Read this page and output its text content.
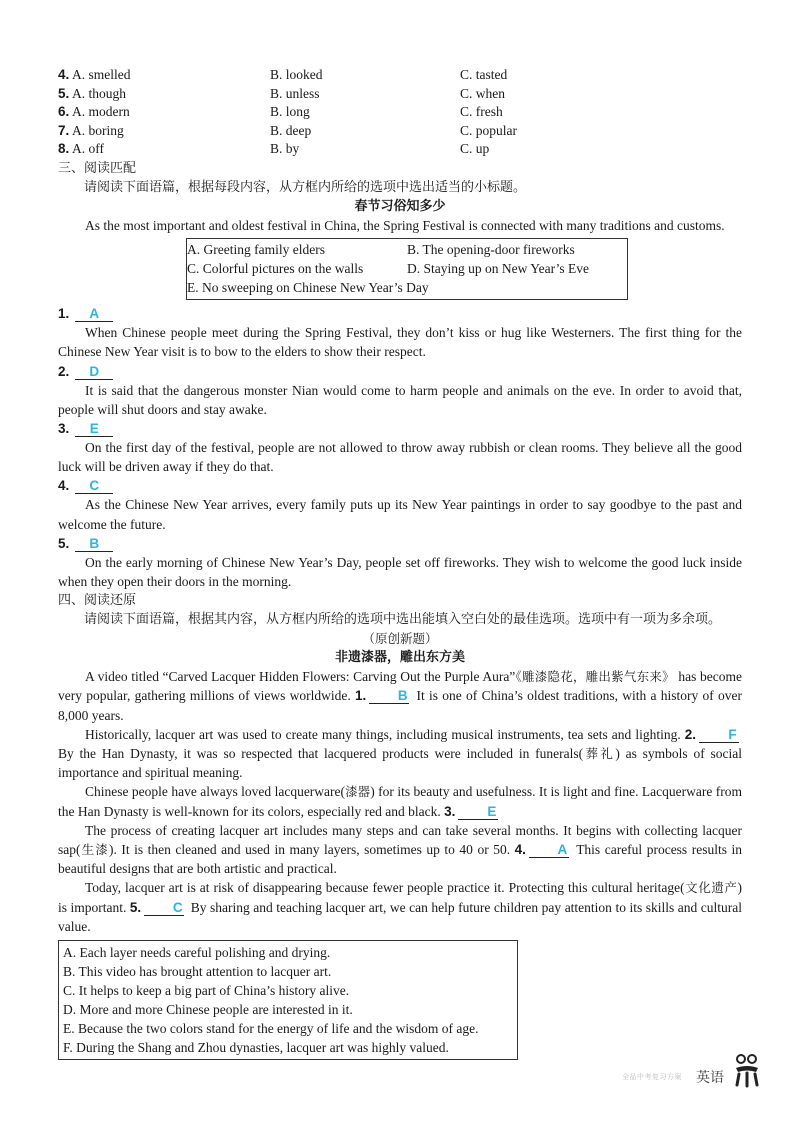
4. A. smelled	B. looked	C. tasted
5. A. though	B. unless	C. when
6. A. modern	B. long	C. fresh
7. A. boring	B. deep	C. popular
8. A. off	B. by	C. up
三、阅读匹配
请阅读下面语篇，根据每段内容，从方框内所给的选项中选出适当的小标题。
春节习俗知多少

As the most important and oldest festival in China, the Spring Festival is connected with many traditions and customs.

A. Greeting family elders	B. The opening-door fireworks
C. Colorful pictures on the walls	D. Staying up on New Year’s Eve
E. No sweeping on Chinese New Year’s Day
1. A

When Chinese people meet during the Spring Festival, they don’t kiss or hug like Westerners. The first thing for the Chinese New Year visit is to bow to the elders to show their respect.

2. D

It is said that the dangerous monster Nian would come to harm people and animals on the eve. In order to avoid that, people will shut doors and stay awake.

3. E

On the first day of the festival, people are not allowed to throw away rubbish or clean rooms. They believe all the good luck will be driven away if they do that.

4. C

As the Chinese New Year arrives, every family puts up its New Year paintings in order to say goodbye to the past and welcome the future.

5. B

On the early morning of Chinese New Year’s Day, people set off fireworks. They wish to welcome the good luck inside when they open their doors in the morning.

四、阅读还原
请阅读下面语篇，根据其内容，从方框内所给的选项中选出能填入空白处的最佳选项。选项中有一项为多余项。
（原创新题）
非遗漆器，雕出东方美

A video titled “Carved Lacquer Hidden Flowers: Carving Out the Purple Aura”《雕漆隐花，雕出紫气东来》 has become very popular, gathering millions of views worldwide. 1. B It is one of China’s oldest traditions, with a history of over 8,000 years.

Historically, lacquer art was used to create many things, including musical instruments, tea sets and lighting. 2. F By the Han Dynasty, it was so respected that lacquered products were included in funerals(葬礼) as symbols of social importance and spiritual meaning.

Chinese people have always loved lacquerware(漆器) for its beauty and usefulness. It is light and fine. Lacquerware from the Han Dynasty is well-known for its colors, especially red and black. 3. E

The process of creating lacquer art includes many steps and can take several months. It begins with collecting lacquer sap(生漆). It is then cleaned and used in many layers, sometimes up to 40 or 50. 4. A This careful process results in beautiful designs that are both artistic and practical.

Today, lacquer art is at risk of disappearing because fewer people practice it. Protecting this cultural heritage(文化遗产) is important. 5. C By sharing and teaching lacquer art, we can help future children pay attention to its skills and cultural value.

A. Each layer needs careful polishing and drying.
B. This video has brought attention to lacquer art.
C. It helps to keep a big part of China’s history alive.
D. More and more Chinese people are interested in it.
E. Because the two colors stand for the energy of life and the wisdom of age.
F. During the Shang and Zhou dynasties, lacquer art was highly valued.
全品中考复习方案 英语
